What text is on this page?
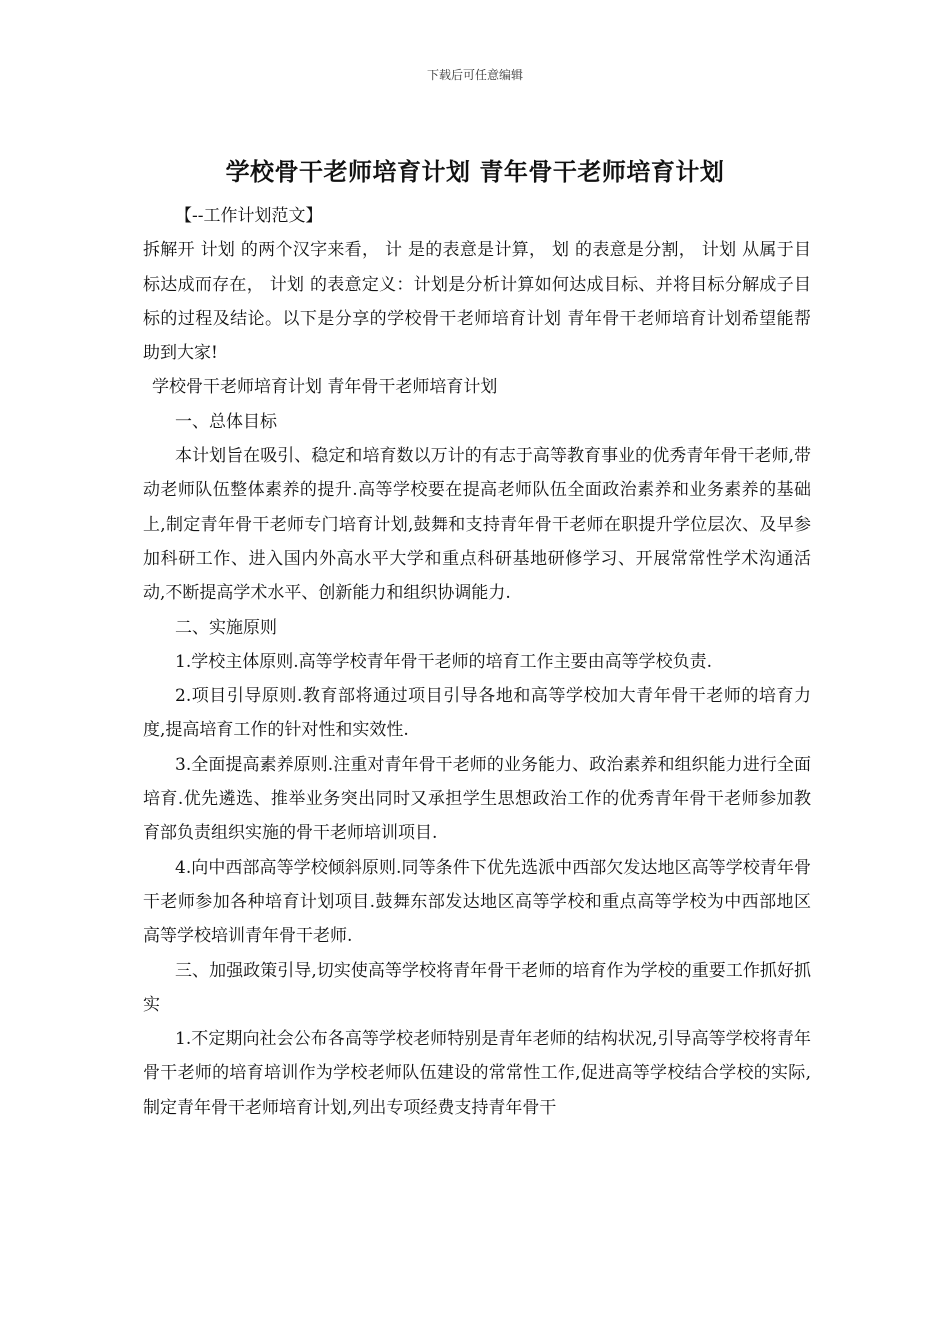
下载后可任意编辑
学校骨干老师培育计划 青年骨干老师培育计划

【--工作计划范文】

拆解开 计划 的两个汉字来看， 计 是的表意是计算， 划 的表意是分割， 计划 从属于目标达成而存在， 计划 的表意定义：计划是分析计算如何达成目标、并将目标分解成子目标的过程及结论。以下是分享的学校骨干老师培育计划 青年骨干老师培育计划希望能帮助到大家!

学校骨干老师培育计划 青年骨干老师培育计划

一、总体目标

本计划旨在吸引、稳定和培育数以万计的有志于高等教育事业的优秀青年骨干老师,带动老师队伍整体素养的提升.高等学校要在提高老师队伍全面政治素养和业务素养的基础上,制定青年骨干老师专门培育计划,鼓舞和支持青年骨干老师在职提升学位层次、及早参加科研工作、进入国内外高水平大学和重点科研基地研修学习、开展常常性学术沟通活动,不断提高学术水平、创新能力和组织协调能力.

二、实施原则

1.学校主体原则.高等学校青年骨干老师的培育工作主要由高等学校负责.

2.项目引导原则.教育部将通过项目引导各地和高等学校加大青年骨干老师的培育力度,提高培育工作的针对性和实效性.

3.全面提高素养原则.注重对青年骨干老师的业务能力、政治素养和组织能力进行全面培育.优先遴选、推举业务突出同时又承担学生思想政治工作的优秀青年骨干老师参加教育部负责组织实施的骨干老师培训项目.

4.向中西部高等学校倾斜原则.同等条件下优先选派中西部欠发达地区高等学校青年骨干老师参加各种培育计划项目.鼓舞东部发达地区高等学校和重点高等学校为中西部地区高等学校培训青年骨干老师.

三、加强政策引导,切实使高等学校将青年骨干老师的培育作为学校的重要工作抓好抓实

1.不定期向社会公布各高等学校老师特别是青年老师的结构状况,引导高等学校将青年骨干老师的培育培训作为学校老师队伍建设的常常性工作,促进高等学校结合学校的实际,制定青年骨干老师培育计划,列出专项经费支持青年骨干
